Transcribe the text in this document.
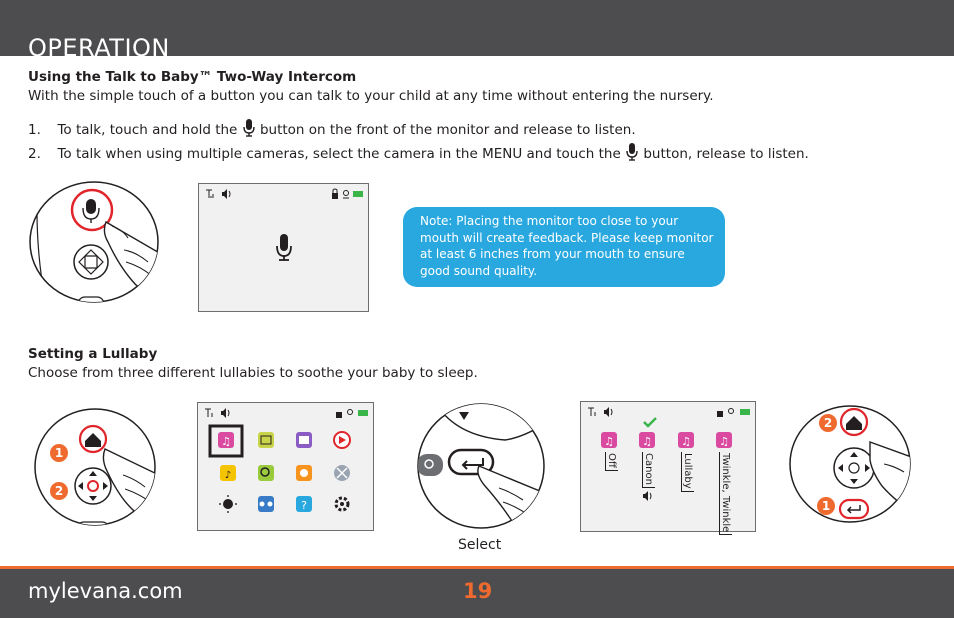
OPERATION
Using the Talk to Baby™ Two-Way Intercom
With the simple touch of a button you can talk to your child at any time without entering the nursery.
1. To talk, touch and hold the button on the front of the monitor and release to listen.
2. To talk when using multiple cameras, select the camera in the MENU and touch the button, release to listen.
Note: Placing the monitor too close to your mouth will create feedback. Please keep monitor at least 6 inches from your mouth to ensure good sound quality.
Setting a Lullaby
Choose from three different lullabies to soothe your baby to sleep.
1
2
♫
♪
?
Select
♫	♫	♫	♫
Off	Canon	Lullaby	Twinkle, Twinkle
2
1
mylevana.com	19
